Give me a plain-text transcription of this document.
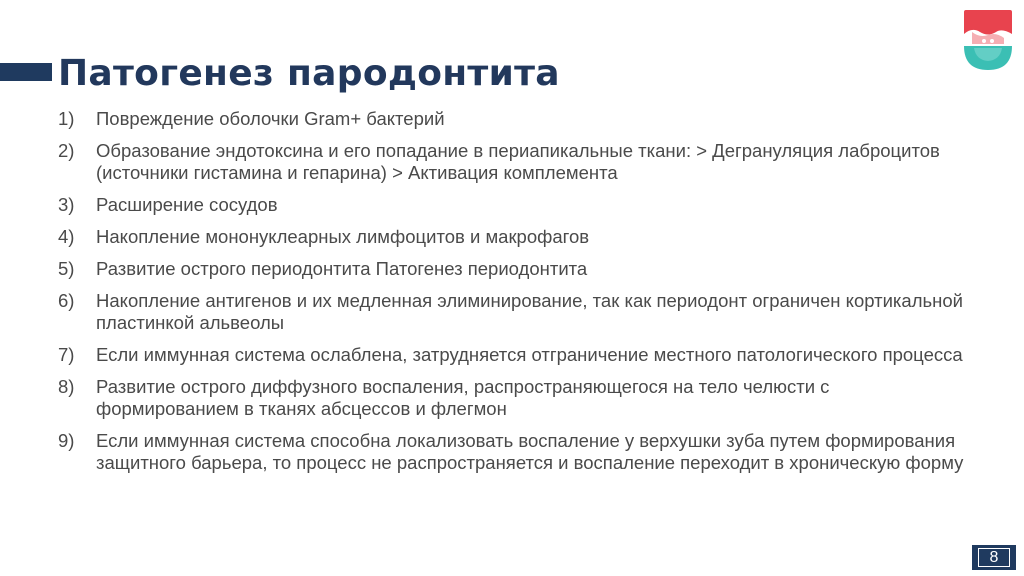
Патогенез пародонтита
1)	Повреждение оболочки Gram+ бактерий
2)	Образование эндотоксина и его попадание в периапикальные ткани: > Дегрануляция лаброцитов (источники гистамина и гепарина) > Активация комплемента
3)	Расширение сосудов
4)	Накопление мононуклеарных лимфоцитов и макрофагов
5)	Развитие острого периодонтита Патогенез периодонтита
6)	Накопление антигенов и их медленная элиминирование, так как периодонт ограничен кортикальной пластинкой альвеолы
7)	Если иммунная система ослаблена, затрудняется отграничение местного патологического процесса
8)	Развитие острого диффузного воспаления, распространяющегося на тело челюсти с формированием в тканях абсцессов и флегмон
9)	Если иммунная система способна локализовать воспаление у верхушки зуба путем формирования защитного барьера, то процесс не распространяется и воспаление переходит в хроническую форму
8
